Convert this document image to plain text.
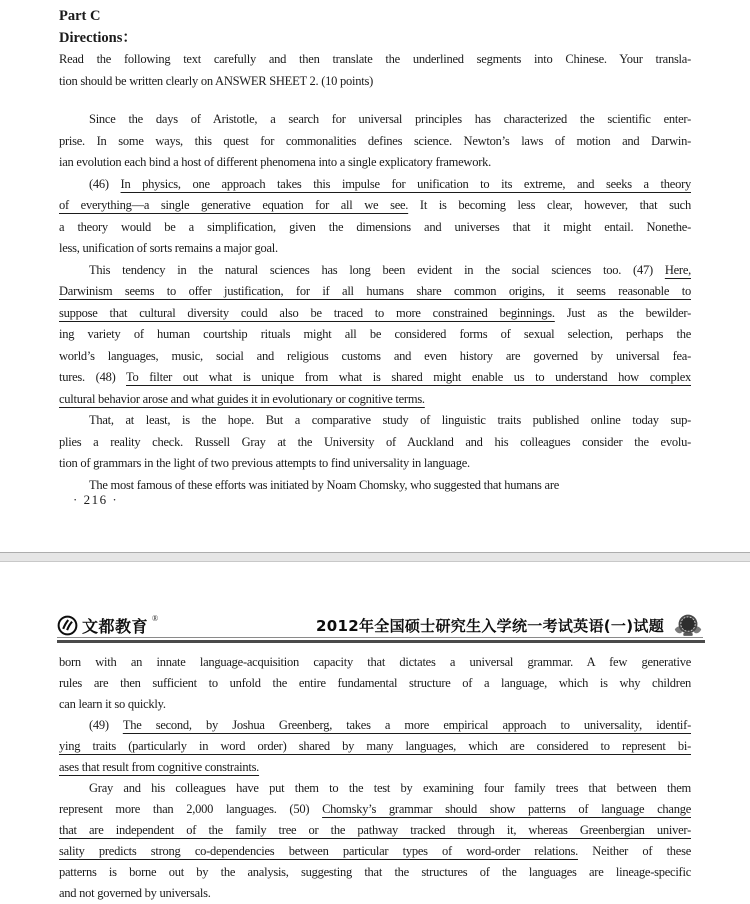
Part C
Directions：
Read the following text carefully and then translate the underlined segments into Chinese. Your transla-
tion should be written clearly on ANSWER SHEET 2. (10 points)
Since the days of Aristotle, a search for universal principles has characterized the scientific enter-
prise. In some ways, this quest for commonalities defines science. Newton’s laws of motion and Darwin-
ian evolution each bind a host of different phenomena into a single explicatory framework.
(46) In physics, one approach takes this impulse for unification to its extreme, and seeks a theory
of everything—a single generative equation for all we see. It is becoming less clear, however, that such
a theory would be a simplification, given the dimensions and universes that it might entail. Nonethe-
less, unification of sorts remains a major goal.
This tendency in the natural sciences has long been evident in the social sciences too. (47) Here,
Darwinism seems to offer justification, for if all humans share common origins, it seems reasonable to
suppose that cultural diversity could also be traced to more constrained beginnings. Just as the bewilder-
ing variety of human courtship rituals might all be considered forms of sexual selection, perhaps the
world’s languages, music, social and religious customs and even history are governed by universal fea-
tures. (48) To filter out what is unique from what is shared might enable us to understand how complex
cultural behavior arose and what guides it in evolutionary or cognitive terms.
That, at least, is the hope. But a comparative study of linguistic traits published online today sup-
plies a reality check. Russell Gray at the University of Auckland and his colleagues consider the evolu-
tion of grammars in the light of two previous attempts to find universality in language.
The most famous of these efforts was initiated by Noam Chomsky, who suggested that humans are
· 216 ·
文都教育 ®	2012年全国硕士研究生入学统一考试英语(一)试题
born with an innate language-acquisition capacity that dictates a universal grammar. A few generative
rules are then sufficient to unfold the entire fundamental structure of a language, which is why children
can learn it so quickly.
(49) The second, by Joshua Greenberg, takes a more empirical approach to universality, identif-
ying traits (particularly in word order) shared by many languages, which are considered to represent bi-
ases that result from cognitive constraints.
Gray and his colleagues have put them to the test by examining four family trees that between them
represent more than 2,000 languages. (50) Chomsky’s grammar should show patterns of language change
that are independent of the family tree or the pathway tracked through it, whereas Greenbergian univer-
sality predicts strong co-dependencies between particular types of word-order relations. Neither of these
patterns is borne out by the analysis, suggesting that the structures of the languages are lineage-specific
and not governed by universals.
